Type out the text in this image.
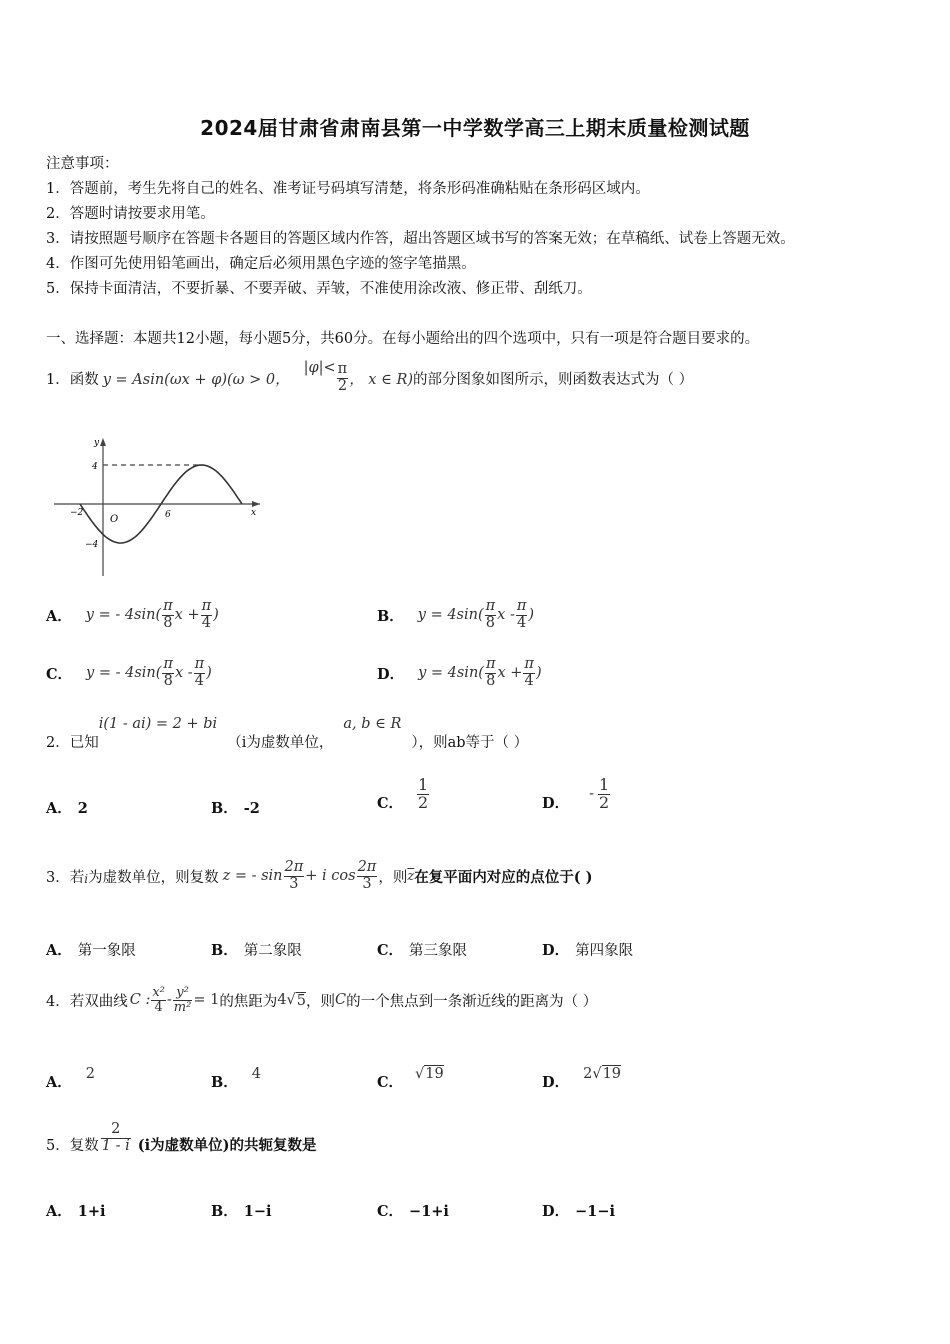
2024届甘肃省肃南县第一中学数学高三上期末质量检测试题
注意事项：
1．答题前，考生先将自己的姓名、准考证号码填写清楚，将条形码准确粘贴在条形码区域内。
2．答题时请按要求用笔。
3．请按照题号顺序在答题卡各题目的答题区域内作答，超出答题区域书写的答案无效；在草稿纸、试卷上答题无效。
4．作图可先使用铅笔画出，确定后必须用黑色字迹的签字笔描黑。
5．保持卡面清洁，不要折暴、不要弄破、弄皱，不准使用涂改液、修正带、刮纸刀。
一、选择题：本题共12小题，每小题5分，共60分。在每小题给出的四个选项中，只有一项是符合题目要求的。
1．函数 y = Asin(ωx + φ)(ω > 0，
$|\varphi|< \frac{\pi}{2}$ ， x ∈ R) 的部分图象如图所示，则函数表达式为（ ）
y
x
O
4
−4
−2	6
A． y = - $4\sin( \frac{\pi}{8}$ $x + \frac{\pi}{4}$ )	B． $y = 4\sin( \frac{\pi}{8}$ x - $\frac{\pi}{4}$ )
C． y = - $4\sin( \frac{\pi}{8}$ x - $\frac{\pi}{4}$ )	D． $y = 4\sin( \frac{\pi}{8}$ $x + \frac{\pi}{4}$ )
2．已知
i(1 - ai) = 2 + bi
（i为虚数单位，
a, b ∈ R
），则ab等于（ ）
A． 2	B． -2	C． $\frac{1}{2}$	D．
- $\frac{1}{2}$
3．若 i 为虚数单位，则复数 z = - $\sin \frac{2\pi}{3} + i$ $\cos \frac{2\pi}{3}$ ，则 $\overline{z}$ 在复平面内对应的点位于( )
A． 第一象限	B． 第二象限	C． 第三象限	D． 第四象限
4．若双曲线 C : $\frac{\text{x²}}{4} - \frac{\text{y²}}{\text{m²}} = 1$ 的焦距为 4 √ 5 ，则 C 的一个焦点到一条渐近线的距离为（ ）
A． 2	B． 4	C． √ 19	D． 2 √ 19
5．复数 $\frac{2}{1 - i} (i$为虚数单位)的共轭复数是
A． 1+i	B． 1−i	C． −1+i	D． −1−i
